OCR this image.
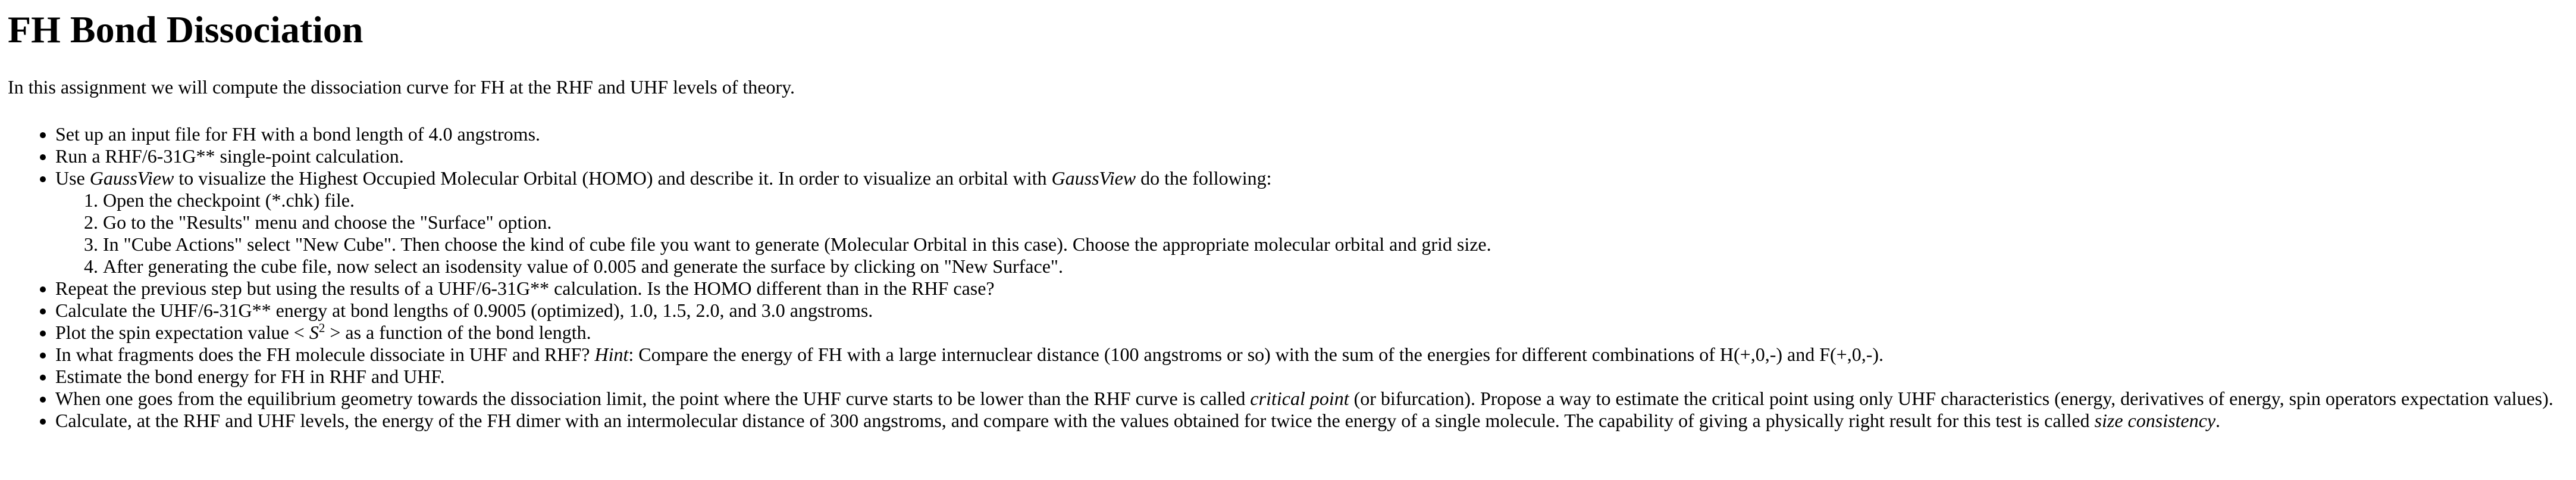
FH Bond Dissociation

In this assignment we will compute the dissociation curve for FH at the RHF and UHF levels of theory.

• Set up an input file for FH with a bond length of 4.0 angstroms.
• Run a RHF/6-31G** single-point calculation.
• Use GaussView to visualize the Highest Occupied Molecular Orbital (HOMO) and describe it. In order to visualize an orbital with GaussView do the following:
1. Open the checkpoint (*.chk) file.
2. Go to the "Results" menu and choose the "Surface" option.
3. In "Cube Actions" select "New Cube". Then choose the kind of cube file you want to generate (Molecular Orbital in this case). Choose the appropriate molecular orbital and grid size.
4. After generating the cube file, now select an isodensity value of 0.005 and generate the surface by clicking on "New Surface".
• Repeat the previous step but using the results of a UHF/6-31G** calculation. Is the HOMO different than in the RHF case?
• Calculate the UHF/6-31G** energy at bond lengths of 0.9005 (optimized), 1.0, 1.5, 2.0, and 3.0 angstroms.
• Plot the spin expectation value < $S^2$ > as a function of the bond length.
• In what fragments does the FH molecule dissociate in UHF and RHF? Hint: Compare the energy of FH with a large internuclear distance (100 angstroms or so) with the sum of the energies for different combinations of H(+,0,-) and F(+,0,-).
• Estimate the bond energy for FH in RHF and UHF.
• When one goes from the equilibrium geometry towards the dissociation limit, the point where the UHF curve starts to be lower than the RHF curve is called critical point (or bifurcation). Propose a way to estimate the critical point using only UHF characteristics (energy, derivatives of energy, spin operators expectation values).
• Calculate, at the RHF and UHF levels, the energy of the FH dimer with an intermolecular distance of 300 angstroms, and compare with the values obtained for twice the energy of a single molecule. The capability of giving a physically right result for this test is called size consistency.
